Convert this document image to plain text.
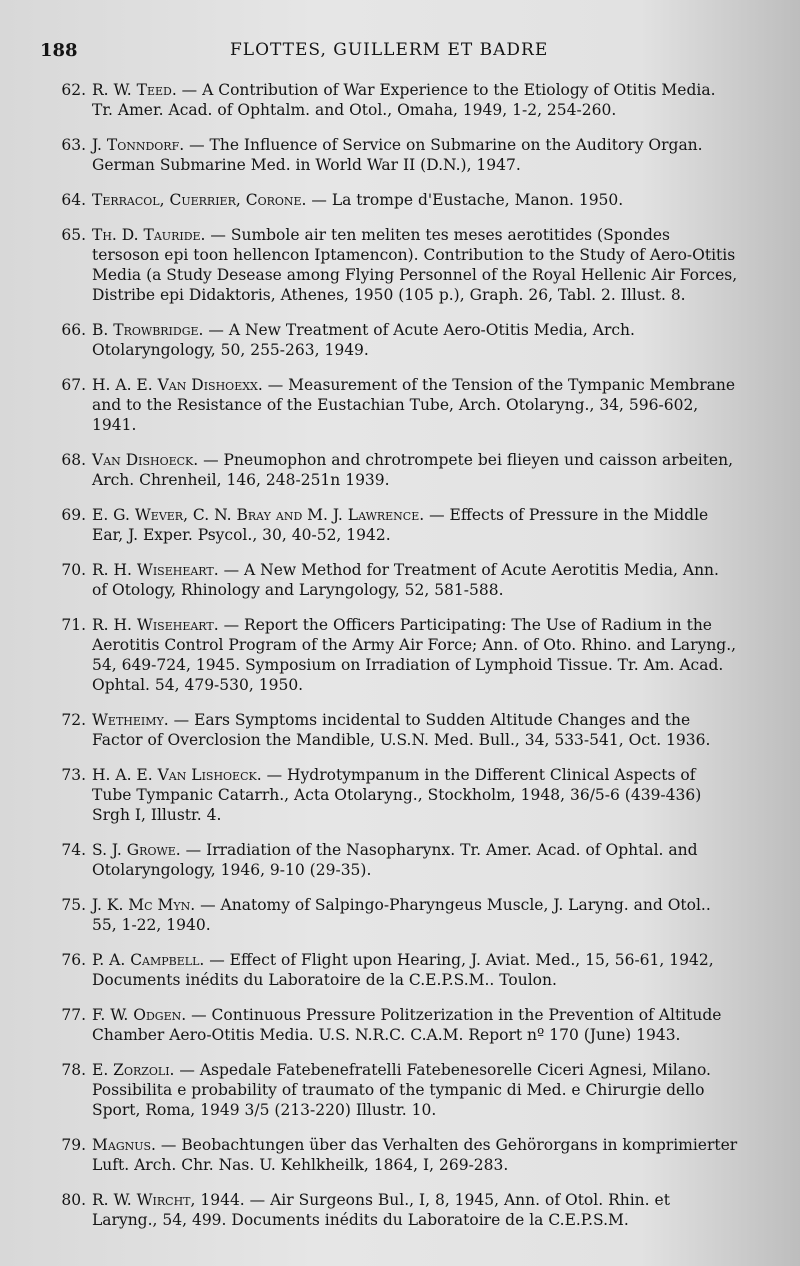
188	FLOTTES, GUILLERM ET BADRE
62. R. W. Teed. — A Contribution of War Experience to the Etiology of Otitis Media. Tr. Amer. Acad. of Ophtalm. and Otol., Omaha, 1949, 1-2, 254-260.
63. J. Tonndorf. — The Influence of Service on Submarine on the Auditory Organ. German Submarine Med. in World War II (D.N.), 1947.
64. Terracol, Cuerrier, Corone. — La trompe d'Eustache, Manon. 1950.
65. Th. D. Tauride. — Sumbole air ten meliten tes meses aerotitides (Spondes tersoson epi toon hellencon Iptamencon). Contribution to the Study of Aero-Otitis Media (a Study Desease among Flying Personnel of the Royal Hellenic Air Forces, Distribe epi Didaktoris, Athenes, 1950 (105 p.), Graph. 26, Tabl. 2. Illust. 8.
66. B. Trowbridge. — A New Treatment of Acute Aero-Otitis Media, Arch. Otolaryngology, 50, 255-263, 1949.
67. H. A. E. Van Dishoexx. — Measurement of the Tension of the Tympanic Membrane and to the Resistance of the Eustachian Tube, Arch. Otolaryng., 34, 596-602, 1941.
68. Van Dishoeck. — Pneumophon and chrotrompete bei flieyen und caisson arbeiten, Arch. Chrenheil, 146, 248-251n 1939.
69. E. G. Wever, C. N. Bray and M. J. Lawrence. — Effects of Pressure in the Middle Ear, J. Exper. Psycol., 30, 40-52, 1942.
70. R. H. Wiseheart. — A New Method for Treatment of Acute Aerotitis Media, Ann. of Otology, Rhinology and Laryngology, 52, 581-588.
71. R. H. Wiseheart. — Report the Officers Participating: The Use of Radium in the Aerotitis Control Program of the Army Air Force; Ann. of Oto. Rhino. and Laryng., 54, 649-724, 1945. Symposium on Irradiation of Lymphoid Tissue. Tr. Am. Acad. Ophtal. 54, 479-530, 1950.
72. Wetheimy. — Ears Symptoms incidental to Sudden Altitude Changes and the Factor of Overclosion the Mandible, U.S.N. Med. Bull., 34, 533-541, Oct. 1936.
73. H. A. E. Van Lishoeck. — Hydrotympanum in the Different Clinical Aspects of Tube Tympanic Catarrh., Acta Otolaryng., Stockholm, 1948, 36/5-6 (439-436) Srgh I, Illustr. 4.
74. S. J. Growe. — Irradiation of the Nasopharynx. Tr. Amer. Acad. of Ophtal. and Otolaryngology, 1946, 9-10 (29-35).
75. J. K. Mc Myn. — Anatomy of Salpingo-Pharyngeus Muscle, J. Laryng. and Otol.. 55, 1-22, 1940.
76. P. A. Campbell. — Effect of Flight upon Hearing, J. Aviat. Med., 15, 56-61, 1942, Documents inédits du Laboratoire de la C.E.P.S.M.. Toulon.
77. F. W. Odgen. — Continuous Pressure Politzerization in the Prevention of Altitude Chamber Aero-Otitis Media. U.S. N.R.C. C.A.M. Report nº 170 (June) 1943.
78. E. Zorzoli. — Aspedale Fatebenefratelli Fatebenesorelle Ciceri Agnesi, Milano. Possibilita e probability of traumato of the tympanic di Med. e Chirurgie dello Sport, Roma, 1949 3/5 (213-220) Illustr. 10.
79. Magnus. — Beobachtungen über das Verhalten des Gehörorgans in komprimierter Luft. Arch. Chr. Nas. U. Kehlkheilk, 1864, I, 269-283.
80. R. W. Wircht, 1944. — Air Surgeons Bul., I, 8, 1945, Ann. of Otol. Rhin. et Laryng., 54, 499. Documents inédits du Laboratoire de la C.E.P.S.M.
